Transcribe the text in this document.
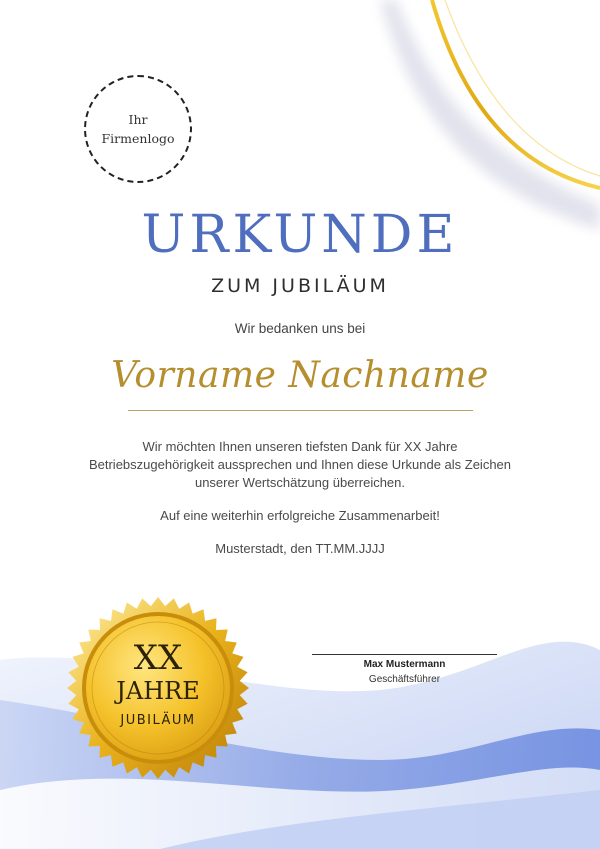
Ihr
Firmenlogo
URKUNDE
ZUM JUBILÄUM
Wir bedanken uns bei
Vorname Nachname
Wir möchten Ihnen unseren tiefsten Dank für XX Jahre Betriebszugehörigkeit aussprechen und Ihnen diese Urkunde als Zeichen unserer Wertschätzung überreichen.
Auf eine weiterhin erfolgreiche Zusammenarbeit!
Musterstadt, den TT.MM.JJJJ
Max Mustermann
Geschäftsführer
XX
JAHRE
JUBILÄUM
